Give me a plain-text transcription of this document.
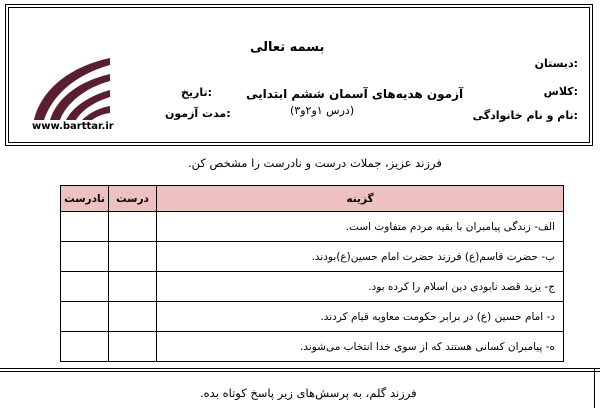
بسمه تعالی
آزمون هدیه‌های آسمان ششم ابتدایی
(درس ۱و۲و۳)
دبستان:
کلاس:
نام و نام خانوادگی:
تاریخ:
مدت آزمون:
www.barttar.ir
فرزند عزیز، جملات درست و نادرست را مشخص کن.
گزینه	درست	نادرست
الف- زندگی پیامبران با بقیه مردم متفاوت است.		
ب- حضرت قاسم(ع) فرزند حضرت امام حسین(ع)بودند.		
ج- یزید قصد نابودی دین اسلام را کرده بود.		
د- امام حسین (ع) در برابر حکومت معاویه قیام کردند.		
ه- پیامبران کسانی هستند که از سوی خدا انتخاب می‌شوند.		
فرزند گلم، به پرسش‌های زیر پاسخ کوتاه بده.
